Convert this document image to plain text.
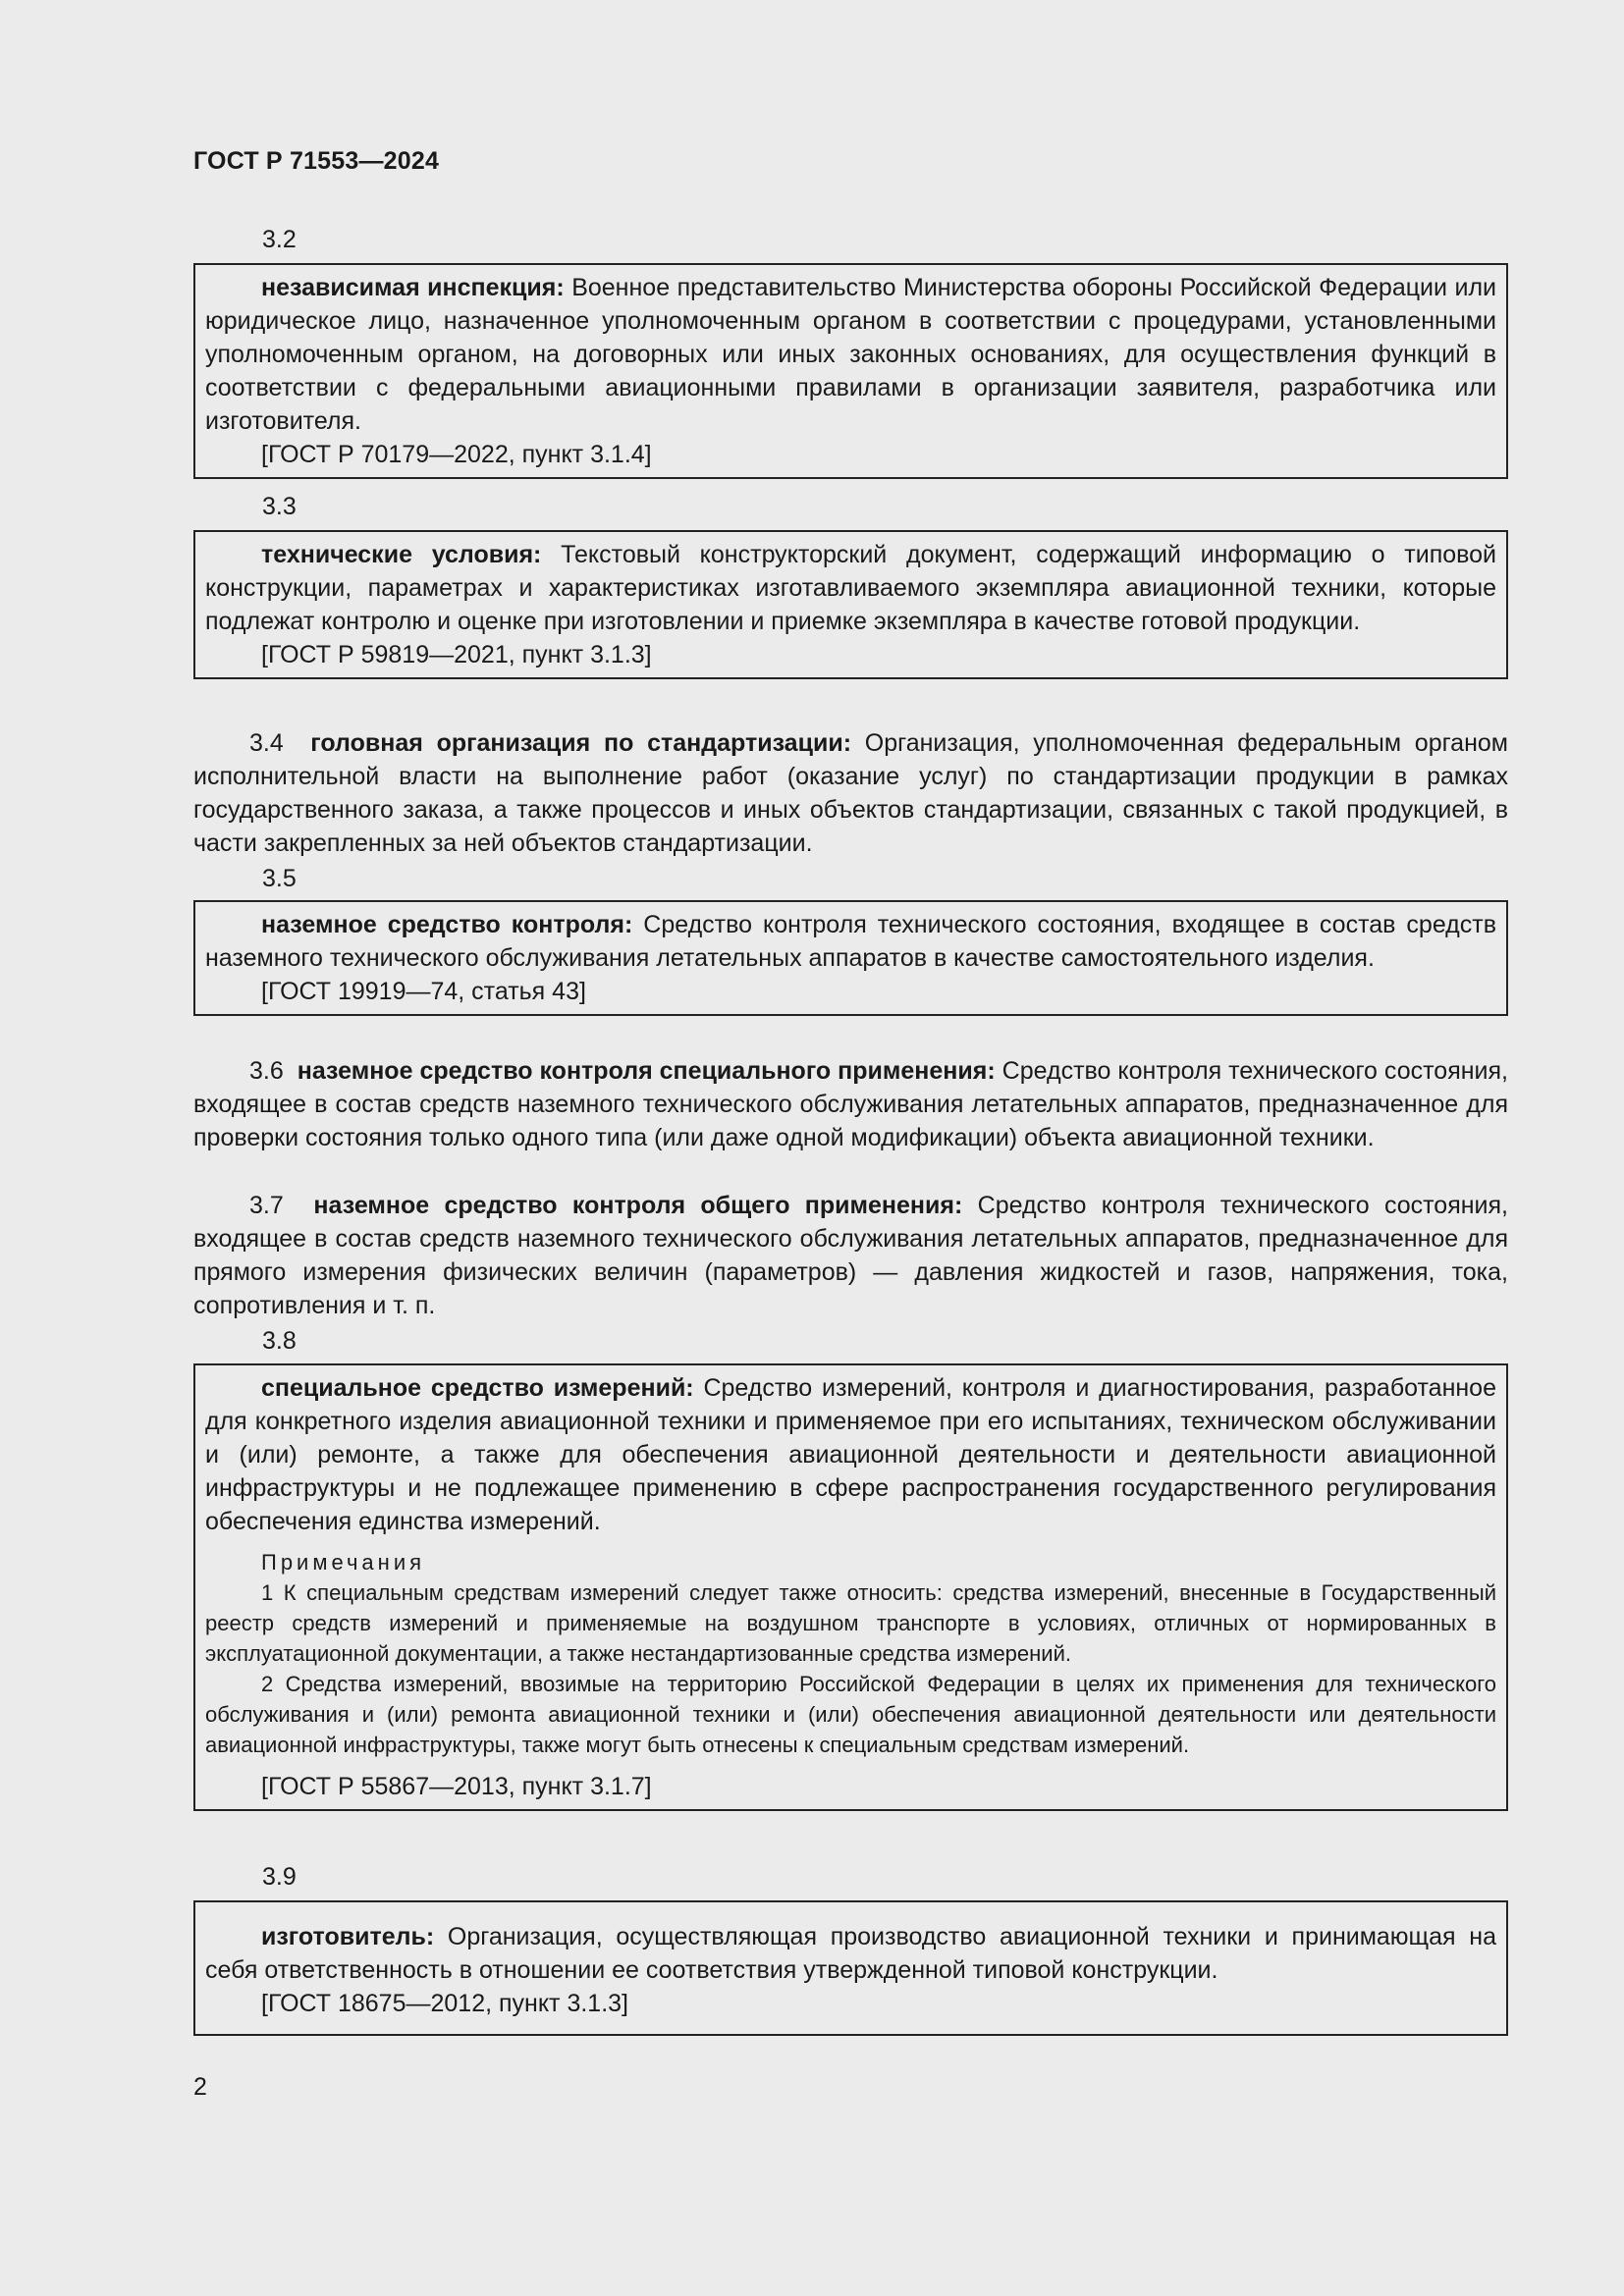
ГОСТ Р 71553—2024
3.2

независимая инспекция: Военное представительство Министерства обороны Российской Федерации или юридическое лицо, назначенное уполномоченным органом в соответствии с процедурами, установленными уполномоченным органом, на договорных или иных законных основаниях, для осуществления функций в соответствии с федеральными авиационными правилами в организации заявителя, разработчика или изготовителя.

[ГОСТ Р 70179—2022, пункт 3.1.4]

3.3

технические условия: Текстовый конструкторский документ, содержащий информацию о типовой конструкции, параметрах и характеристиках изготавливаемого экземпляра авиационной техники, которые подлежат контролю и оценке при изготовлении и приемке экземпляра в качестве готовой продукции.

[ГОСТ Р 59819—2021, пункт 3.1.3]

3.4 головная организация по стандартизации: Организация, уполномоченная федеральным органом исполнительной власти на выполнение работ (оказание услуг) по стандартизации продукции в рамках государственного заказа, а также процессов и иных объектов стандартизации, связанных с такой продукцией, в части закрепленных за ней объектов стандартизации.

3.5

наземное средство контроля: Средство контроля технического состояния, входящее в состав средств наземного технического обслуживания летательных аппаратов в качестве самостоятельного изделия.

[ГОСТ 19919—74, статья 43]

3.6 наземное средство контроля специального применения: Средство контроля технического состояния, входящее в состав средств наземного технического обслуживания летательных аппаратов, предназначенное для проверки состояния только одного типа (или даже одной модификации) объекта авиационной техники.

3.7 наземное средство контроля общего применения: Средство контроля технического состояния, входящее в состав средств наземного технического обслуживания летательных аппаратов, предназначенное для прямого измерения физических величин (параметров) — давления жидкостей и газов, напряжения, тока, сопротивления и т. п.

3.8

специальное средство измерений: Средство измерений, контроля и диагностирования, разработанное для конкретного изделия авиационной техники и применяемое при его испытаниях, техническом обслуживании и (или) ремонте, а также для обеспечения авиационной деятельности и деятельности авиационной инфраструктуры и не подлежащее применению в сфере распространения государственного регулирования обеспечения единства измерений.

Примечания

1 К специальным средствам измерений следует также относить: средства измерений, внесенные в Государственный реестр средств измерений и применяемые на воздушном транспорте в условиях, отличных от нормированных в эксплуатационной документации, а также нестандартизованные средства измерений.

2 Средства измерений, ввозимые на территорию Российской Федерации в целях их применения для технического обслуживания и (или) ремонта авиационной техники и (или) обеспечения авиационной деятельности или деятельности авиационной инфраструктуры, также могут быть отнесены к специальным средствам измерений.

[ГОСТ Р 55867—2013, пункт 3.1.7]

3.9

изготовитель: Организация, осуществляющая производство авиационной техники и принимающая на себя ответственность в отношении ее соответствия утвержденной типовой конструкции.

[ГОСТ 18675—2012, пункт 3.1.3]

2
